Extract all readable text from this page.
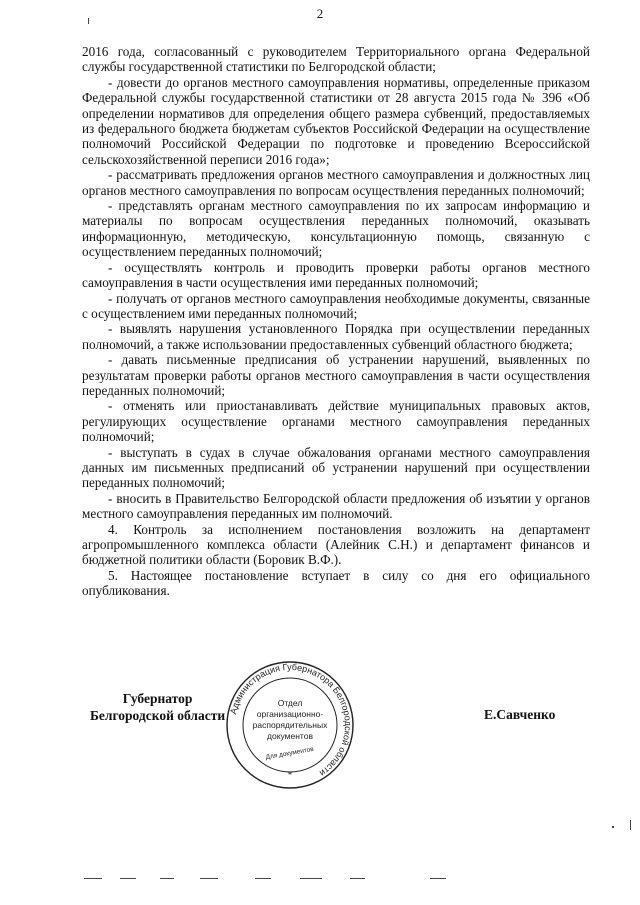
2

2016 года, согласованный с руководителем Территориального органа Федеральной службы государственной статистики по Белгородской области;

- довести до органов местного самоуправления нормативы, определенные приказом Федеральной службы государственной статистики от 28 августа 2015 года № 396 «Об определении нормативов для определения общего размера субвенций, предоставляемых из федерального бюджета бюджетам субъектов Российской Федерации на осуществление полномочий Российской Федерации по подготовке и проведению Всероссийской сельскохозяйственной переписи 2016 года»;

- рассматривать предложения органов местного самоуправления и должностных лиц органов местного самоуправления по вопросам осуществления переданных полномочий;

- представлять органам местного самоуправления по их запросам информацию и материалы по вопросам осуществления переданных полномочий, оказывать информационную, методическую, консультационную помощь, связанную с осуществлением переданных полномочий;

- осуществлять контроль и проводить проверки работы органов местного самоуправления в части осуществления ими переданных полномочий;

- получать от органов местного самоуправления необходимые документы, связанные с осуществлением ими переданных полномочий;

- выявлять нарушения установленного Порядка при осуществлении переданных полномочий, а также использовании предоставленных субвенций областного бюджета;

- давать письменные предписания об устранении нарушений, выявленных по результатам проверки работы органов местного самоуправления в части осуществления переданных полномочий;

- отменять или приостанавливать действие муниципальных правовых актов, регулирующих осуществление органами местного самоуправления переданных полномочий;

- выступать в судах в случае обжалования органами местного самоуправления данных им письменных предписаний об устранении нарушений при осуществлении переданных полномочий;

- вносить в Правительство Белгородской области предложения об изъятии у органов местного самоуправления переданных им полномочий.

4. Контроль за исполнением постановления возложить на департамент агропромышленного комплекса области (Алейник С.Н.) и департамент финансов и бюджетной политики области (Боровик В.Ф.).

5. Настоящее постановление вступает в силу со дня его официального опубликования.

Губернатор
Белгородской области Администрация Губернатора Белгородской области
Отдел
организационно-
распорядительных
документов
Для документов
*
Е.Савченко
